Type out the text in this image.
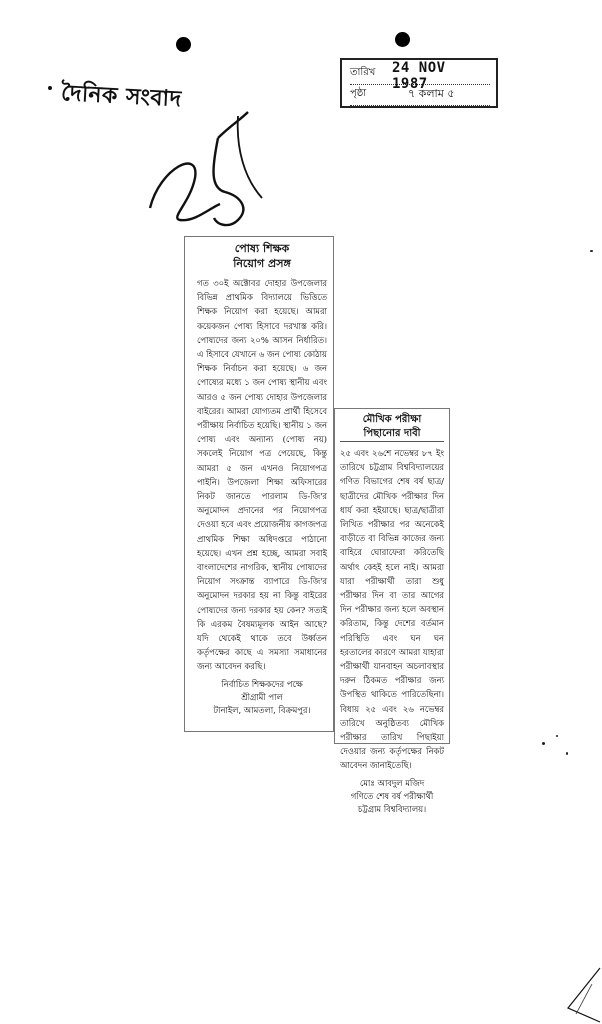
দৈনিক সংবাদ
তারিখ 24 NOV 1987
পৃষ্ঠা	৭ কলাম ৫
পোষ্য শিক্ষক
নিয়োগ প্রসঙ্গ
গত ৩০ই অক্টোবর দোহার উপজেলার বিভিন্ন প্রাথমিক বিদ্যালয়ে ভিত্তিতে শিক্ষক নিয়োগ করা হয়েছে। আমরা কয়েকজন পোষ্য হিসাবে দরখাস্ত করি। পোষ্যদের জন্য ২০% আসন নির্ধারিত। এ হিসাবে যেখানে ৬ জন পোষ্য কোঠায় শিক্ষক নির্বাচন করা হয়েছে। ৬ জন পোষ্যের মধ্যে ১ জন পোষ্য স্থানীয় এবং আরও ৫ জন পোষ্য দোহার উপজেলার বাইরের। আমরা যোগ্যতম প্রার্থী হিসেবে পরীক্ষায় নির্বাচিত হয়েছি। স্থানীয় ১ জন পোষ্য এবং অন্যান্য (পোষ্য নয়) সকলেই নিয়োগ পত্র পেয়েছে, কিন্তু আমরা ৫ জন এখনও নিয়োগপত্র পাইনি। উপজেলা শিক্ষা অফিসারের নিকট জানতে পারলাম ডি-জি'র অনুমোদন প্রদানের পর নিয়োগপত্র দেওয়া হবে এবং প্রয়োজনীয় কাগজপত্র প্রাথমিক শিক্ষা অধিদপ্তরে পাঠানো হয়েছে। এখন প্রশ্ন হচ্ছে, আমরা সবাই বাংলাদেশের নাগরিক, স্থানীয় পোষ্যদের নিয়োগ সংক্রান্ত ব্যাপারে ডি-জি'র অনুমোদন দরকার হয় না কিন্তু বাইরের পোষ্যদের জন্য দরকার হয় কেন? সত্যই কি এরকম বৈষম্যমূলক আইন আছে? যদি থেকেই থাকে তবে উর্ধ্বতন কর্তৃপক্ষের কাছে এ সমস্যা সমাধানের জন্য আবেদন করছি।
নির্বাচিত শিক্ষকদের পক্ষে
শ্রীগ্রামী পাল
টানাইল, আমতলা, বিক্রমপুর।
মৌখিক পরীক্ষা
পিছানোর দাবী
২৫ এবং ২৬শে নভেম্বর ৮৭ ইং তারিখে চট্টগ্রাম বিশ্ববিদ্যালয়ের গণিত বিভাগের শেষ বর্ষ ছাত্র/ ছাত্রীদের মৌখিক পরীক্ষার দিন ধার্য করা হইয়াছে। ছাত্র/ছাত্রীরা লিখিত পরীক্ষার পর অনেকেই বাড়ীতে বা বিভিন্ন কাজের জন্য বাহিরে ঘোরাফেরা করিতেছি অর্থাৎ কেহই হলে নাই। আমরা যারা পরীক্ষার্থী তারা শুধু পরীক্ষার দিন বা তার আগের দিন পরীক্ষার জন্য হলে অবস্থান করিতাম, কিন্তু দেশের বর্তমান পরিস্থিতি এবং ঘন ঘন হরতালের কারণে আমরা যাহারা পরীক্ষার্থী যানবাহন অচলাবস্থার দরুন ঠিকমত পরীক্ষার জন্য উপস্থিত থাকিতে পারিতেছিনা। বিধায় ২৫ এবং ২৬ নভেম্বর তারিখে অনুষ্ঠিতব্য মৌখিক পরীক্ষার তারিখ পিছাইয়া দেওয়ার জন্য কর্তৃপক্ষের নিকট আবেদন জানাইতেছি।
মোঃ আবদুল মজিদ
গণিতে শেষ বর্ষ পরীক্ষার্থী
চট্টগ্রাম বিশ্ববিদ্যালয়।
